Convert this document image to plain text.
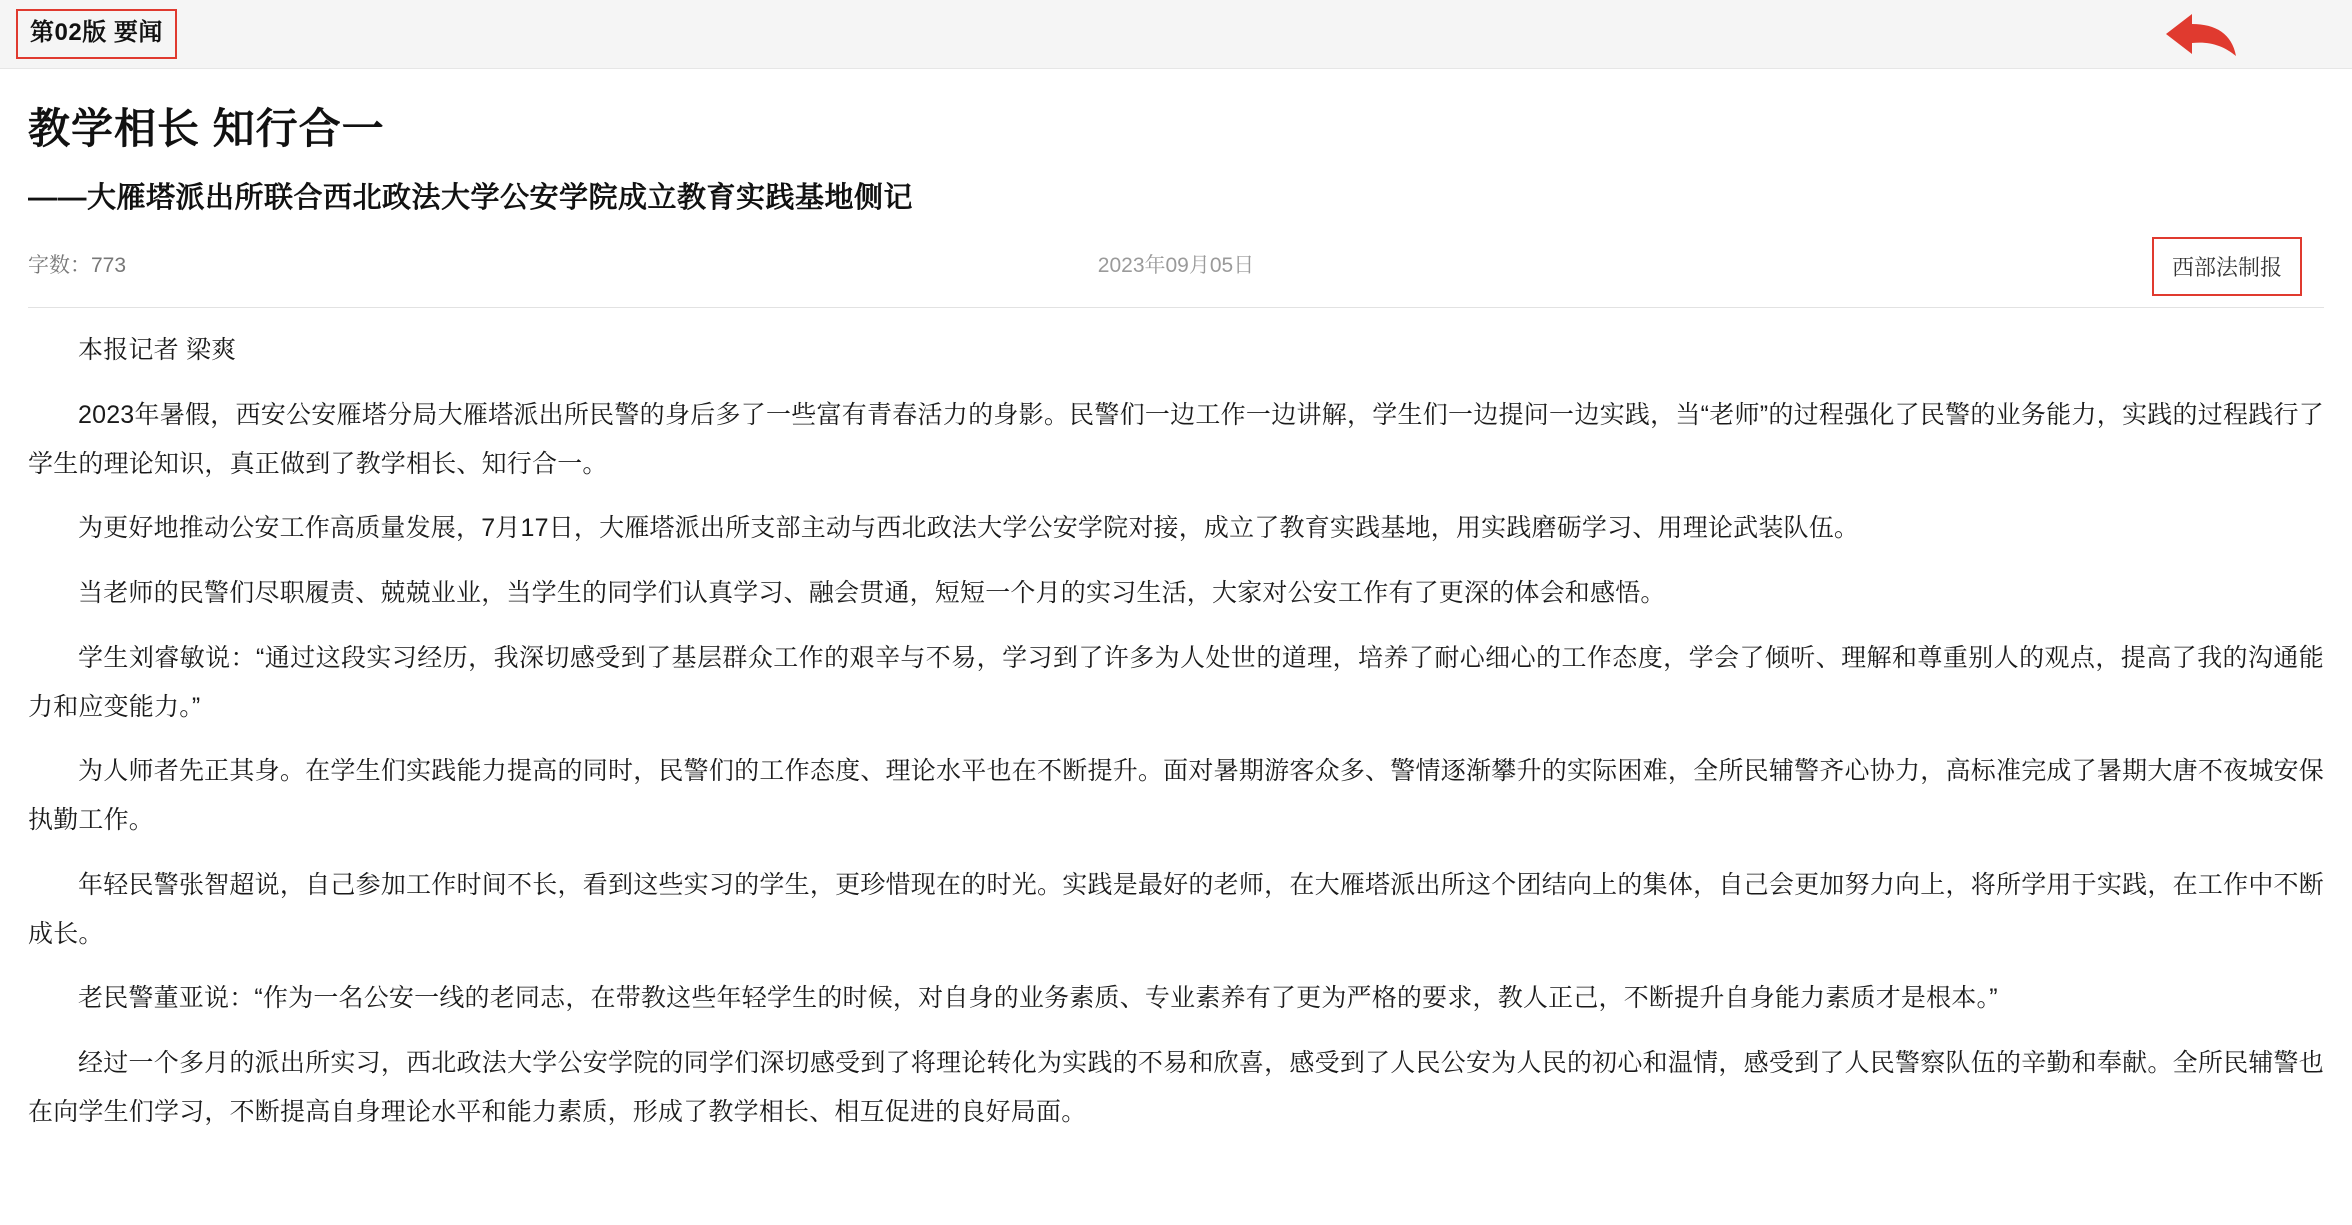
第02版 要闻
教学相长 知行合一
——大雁塔派出所联合西北政法大学公安学院成立教育实践基地侧记
字数：773	2023年09月05日	西部法制报

本报记者 梁爽

2023年暑假，西安公安雁塔分局大雁塔派出所民警的身后多了一些富有青春活力的身影。民警们一边工作一边讲解，学生们一边提问一边实践，当“老师”的过程强化了民警的业务能力，实践的过程践行了学生的理论知识，真正做到了教学相长、知行合一。

为更好地推动公安工作高质量发展，7月17日，大雁塔派出所支部主动与西北政法大学公安学院对接，成立了教育实践基地，用实践磨砺学习、用理论武装队伍。

当老师的民警们尽职履责、兢兢业业，当学生的同学们认真学习、融会贯通，短短一个月的实习生活，大家对公安工作有了更深的体会和感悟。

学生刘睿敏说：“通过这段实习经历，我深切感受到了基层群众工作的艰辛与不易，学习到了许多为人处世的道理，培养了耐心细心的工作态度，学会了倾听、理解和尊重别人的观点，提高了我的沟通能力和应变能力。”

为人师者先正其身。在学生们实践能力提高的同时，民警们的工作态度、理论水平也在不断提升。面对暑期游客众多、警情逐渐攀升的实际困难，全所民辅警齐心协力，高标准完成了暑期大唐不夜城安保执勤工作。

年轻民警张智超说，自己参加工作时间不长，看到这些实习的学生，更珍惜现在的时光。实践是最好的老师，在大雁塔派出所这个团结向上的集体，自己会更加努力向上，将所学用于实践，在工作中不断成长。

老民警董亚说：“作为一名公安一线的老同志，在带教这些年轻学生的时候，对自身的业务素质、专业素养有了更为严格的要求，教人正己，不断提升自身能力素质才是根本。”

经过一个多月的派出所实习，西北政法大学公安学院的同学们深切感受到了将理论转化为实践的不易和欣喜，感受到了人民公安为人民的初心和温情，感受到了人民警察队伍的辛勤和奉献。全所民辅警也在向学生们学习，不断提高自身理论水平和能力素质，形成了教学相长、相互促进的良好局面。
